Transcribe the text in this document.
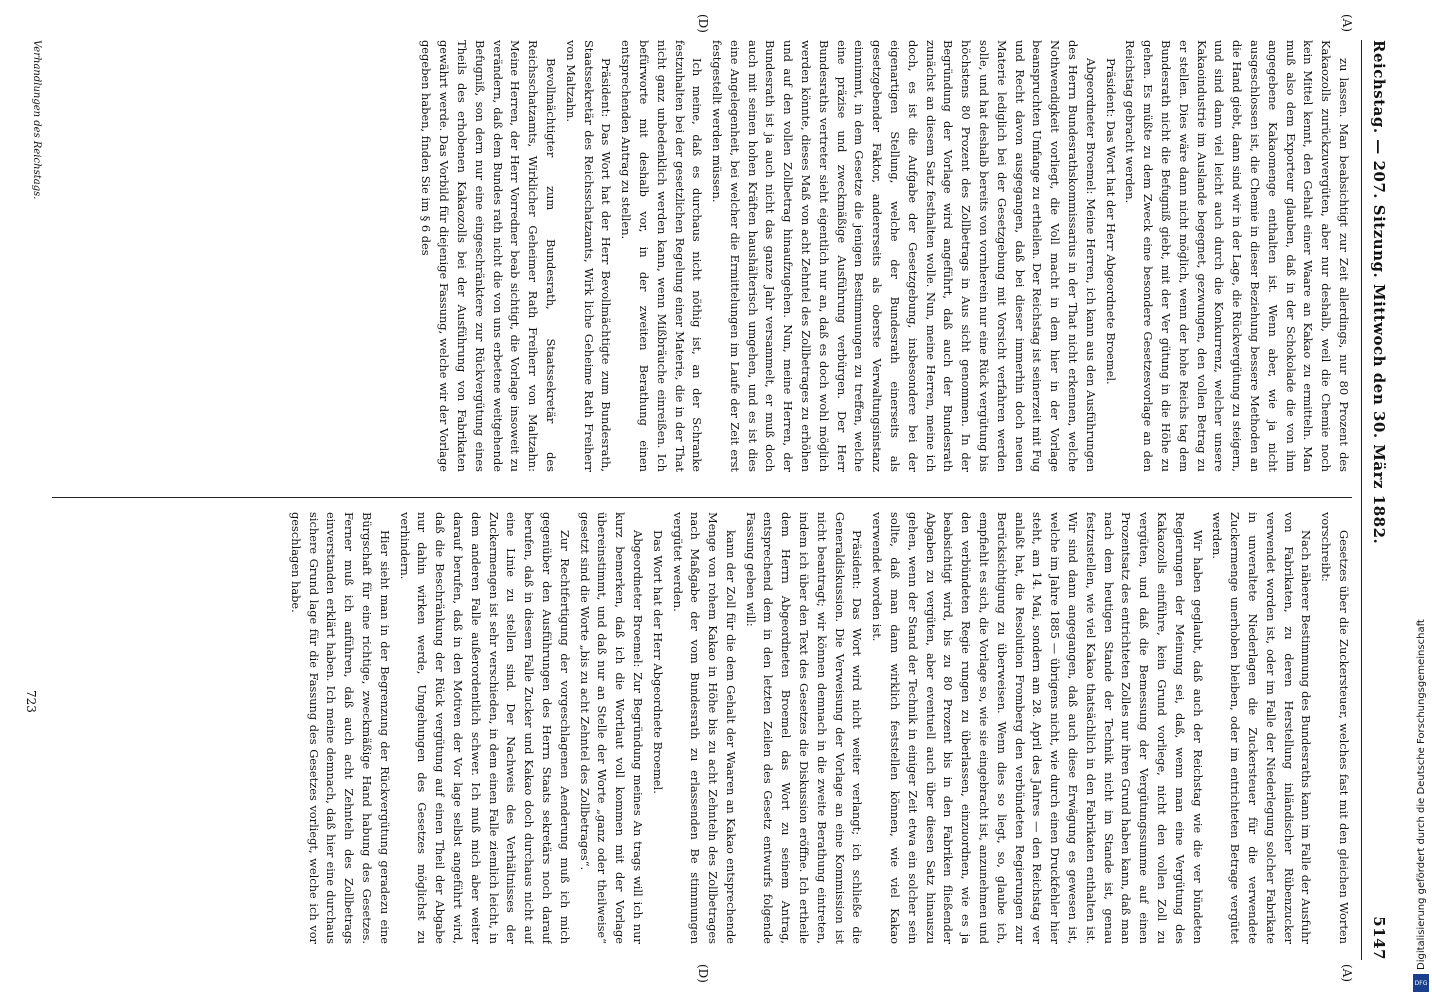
Reichstag. — 207. Sitzung. Mittwoch den 30. März 1882.
5147
(A)
(A)
(D)
(D)

zu lassen. Man beabsichtigt zur Zeit allerdings, nur 80 Prozent des Kakaozolls zurückzuvergüten, aber nur deshalb, weil die Chemie noch kein Mittel kennt, den Gehalt einer Waare an Kakao zu ermitteln. Man muß also dem Exporteur glauben, daß in der Schokolade die von ihm angegebene Kakaomenge enthalten ist. Wenn aber, wie ja nicht ausgeschlossen ist, die Chemie in dieser Beziehung bessere Methoden an die Hand giebt, dann sind wir in der Lage, die Rückvergütung zu steigern, und sind dann viel leicht auch durch die Konkurrenz, welcher unsere Kakaoindustrie im Auslande begegnet, gezwungen, den vollen Betrag zu er stellen. Dies wäre dann nicht möglich, wenn der hohe Reichs tag dem Bundesrath nicht die Befugniß giebt, mit der Ver gütung in die Höhe zu gehen. Es müßte zu dem Zweck eine besondere Gesetzesvorlage an den Reichstag gebracht werden.

Präsident: Das Wort hat der Herr Abgeordnete Broemel.

Abgeordneter Broemel: Meine Herren, ich kann aus den Ausführungen des Herrn Bundesrathskommissarius in der That nicht erkennen, welche Nothwendigkeit vorliegt, die Voll macht in dem hier in der Vorlage beanspruchten Umfange zu ertheilen. Der Reichstag ist seinerzeit mit Fug und Recht davon ausgegangen, daß bei dieser immerhin doch neuen Materie lediglich bei der Gesetzgebung mit Vorsicht verfahren werden solle, und hat deshalb bereits von vornherein nur eine Rück vergütung bis höchstens 80 Prozent des Zollbetrags in Aus sicht genommen. In der Begründung der Vorlage wird angeführt, daß auch der Bundesrath zunächst an diesem Satz festhalten wolle. Nun, meine Herren, meine ich doch, es ist die Aufgabe der Gesetzgebung, insbesondere bei der eigenartigen Stellung, welche der Bundesrath einerseits als gesetzgebender Faktor, andererseits als oberste Verwaltungsinstanz einnimmt, in dem Gesetze die jenigen Bestimmungen zu treffen, welche eine präzise und zweckmäßige Ausführung verbürgen. Der Herr Bundesraths vertreter sieht eigentlich nur an, daß es doch wohl möglich werden könnte, dieses Maß von acht Zehntel des Zollbetrages zu erhöhen und auf den vollen Zollbetrag hinaufzugehen. Nun, meine Herren, der Bundesrath ist ja auch nicht das ganze Jahr versammelt, er muß doch auch mit seinen hohen Kräften haushälterisch umgehen, und es ist dies eine Angelegenheit, bei welcher die Ermittelungen im Laufe der Zeit erst festgestellt werden müssen.

Ich meine, daß es durchaus nicht nöthig ist, an der Schranke festzuhalten bei der gesetzlichen Regelung einer Materie, die in der That nicht ganz unbedenklich werden kann, wenn Mißbräuche einreißen. Ich befürworte mit deshalb vor, in der zweiten Berathung einen entsprechenden Antrag zu stellen.

Präsident: Das Wort hat der Herr Bevollmächtigte zum Bundesrath, Staatssekretär des Reichsschatzamts, Wirk liche Geheime Rath Freiherr von Maltzahn.

Bevollmächtigter zum Bundesrath, Staatssekretär des Reichsschatzamts, Wirklicher Geheimer Rath Freiherr von Maltzahn: Meine Herren, der Herr Vorredner beab sichtigt, die Vorlage insoweit zu verändern, daß dem Bundes rath nicht die von uns erbetene weitgehende Befugniß, son dern nur eine eingeschränktere zur Rückvergütung eines Theils des erhobenen Kakaozolls bei der Ausführung von Fabrikaten gewährt werde. Das Vorbild für diejenige Fassung, welche wir der Vorlage gegeben haben, finden Sie im § 6 des

Gesetzes über die Zuckersteuer, welches fast mit den gleichen Worten vorschreibt:

Nach näherer Bestimmung des Bundesraths kann im Falle der Ausfuhr von Fabrikaten, zu deren Herstellung inländischer Rübenzucker verwendet worden ist, oder im Falle der Niederlegung solcher Fabrikate in unveraltete Niederlagen die Zuckersteuer für die verwendete Zuckermenge unerhoben bleiben, oder im entrichteten Betrage vergütet werden.

Wir haben geglaubt, daß auch der Reichstag wie die ver bündeten Regierungen der Meinung sei, daß, wenn man eine Vergütung des Kakaozolls einführe, kein Grund vorliege, nicht den vollen Zoll zu vergüten, und daß die Bemessung der Vergütungssumme auf einen Prozentsatz des entrichteten Zolles nur ihren Grund haben kann, daß man nach dem heutigen Stande der Technik nicht im Stande ist, genau festzustellen, wie viel Kakao thatsächlich in den Fabrikaten enthalten ist. Wir sind dann angegangen, daß auch diese Erwägung es gewesen ist, welche im Jahre 1885 — übrigens nicht, wie durch einen Druckfehler hier steht, am 14. Mai, sondern am 28. April des Jahres — den Reichstag ver anlaßt hat, die Resolution Fromberg den verbündeten Regierungen zur Berücksichtigung zu überweisen. Wenn dies so liegt, so, glaube ich, empfiehlt es sich, die Vorlage so, wie sie eingebracht ist, anzunehmen und den verbündeten Regie rungen zu überlassen, einzuordnen, wie es ja beabsichtigt wird, bis zu 80 Prozent bis in den Fabriken fließender Abgaben zu vergüten, aber eventuell auch über diesen Satz hinauszu gehen, wenn der Stand der Technik in einiger Zeit etwa ein solcher sein sollte, daß man dann wirklich feststellen können, wie viel Kakao verwendet worden ist.

Präsident: Das Wort wird nicht weiter verlangt; ich schließe die Generaldiskussion. Die Verweisung der Vorlage an eine Kommission ist nicht beantragt; wir können demnach in die zweite Berathung eintreten, indem ich über den Text des Gesetzes die Diskussion eröffne. Ich ertheile dem Herrn Abgeordneten Broemel das Wort zu seinem Antrag, entsprechend dem in den letzten Zeilen des Gesetz entwurfs folgende Fassung geben will:

kann der Zoll für die dem Gehalt der Waaren an Kakao entsprechende Menge von rohem Kakao in Höhe bis zu acht Zehnteln des Zollbetrages nach Maßgabe der vom Bundesrath zu erlassenden Be stimmungen vergütet werden.

Das Wort hat der Herr Abgeordnete Broemel.

Abgeordneter Broemel: Zur Begründung meines An trags will ich nur kurz bemerken, daß ich die Wortlaut voll kommen mit der Vorlage übereinstimmt, und daß nur an Stelle der Worte „ganz oder theilweise“ gesetzt sind die Worte „bis zu acht Zehntel des Zollbetrages“.

Zur Rechtfertigung der vorgeschlagenen Aenderung muß ich mich gegenüber den Ausführungen des Herrn Staats sekretärs noch darauf berufen, daß in diesem Falle Zucker und Kakao doch durchaus nicht auf eine Linie zu stellen sind. Der Nachweis des Verhältnisses der Zuckermengen ist sehr verschieden, in dem einen Falle ziemlich leicht, in dem anderen Falle außerordentlich schwer. Ich muß mich aber weiter darauf berufen, daß in den Motiven der Vor lage selbst angeführt wird, daß die Beschränkung der Rück vergütung auf einen Theil der Abgabe nur dahin wirken werde, Umgehungen des Gesetzes möglichst zu verhindern.

Hier sieht man in der Begrenzung der Rückvergütung geradezu eine Bürgschaft für eine richtige, zweckmäßige Hand habung des Gesetzes. Ferner muß ich anführen, daß auch acht Zehnteln des Zollbetrags einverstanden erklärt haben. Ich meine demnach, daß hier eine durchaus sichere Grund lage für die Fassung des Gesetzes vorliegt, welche ich vor geschlagen habe.

Verhandlungen des Reichstags.
723	Digitalisierung gefördert durch die Deutsche Forschungsgemeinschaft
DFG
